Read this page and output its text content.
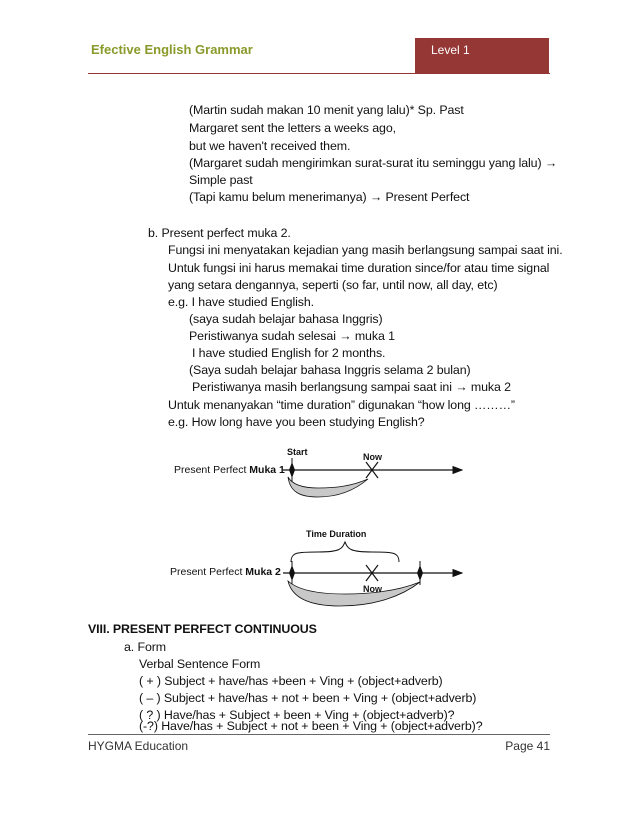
Efective English Grammar	Level 1
(Martin sudah makan 10 menit yang lalu)* Sp. Past
Margaret sent the letters a weeks ago,
but we haven't received them.
(Margaret sudah mengirimkan surat-surat itu seminggu yang lalu) →
Simple past
(Tapi kamu belum menerimanya) → Present Perfect
b. Present perfect muka 2.
Fungsi ini menyatakan kejadian yang masih berlangsung sampai saat ini.
Untuk fungsi ini harus memakai time duration since/for atau time signal
yang setara dengannya, seperti (so far, until now, all day, etc)
e.g. I have studied English.
(saya sudah belajar bahasa Inggris)
Peristiwanya sudah selesai → muka 1
I have studied English for 2 months.
(Saya sudah belajar bahasa Inggris selama 2 bulan)
Peristiwanya masih berlangsung sampai saat ini → muka 2
Untuk menanyakan “time duration” digunakan “how long ………”
e.g. How long have you been studying English?
Start	Now
Present Perfect Muka 1
Time Duration
Present Perfect Muka 2
Now
VIII. PRESENT PERFECT CONTINUOUS
a. Form
Verbal Sentence Form
( + ) Subject + have/has +been + Ving + (object+adverb)
( – ) Subject + have/has + not + been + Ving + (object+adverb)
( ? ) Have/has + Subject + been + Ving + (object+adverb)?
(-?) Have/has + Subject + not + been + Ving + (object+adverb)?
HYGMA Education	Page 41
